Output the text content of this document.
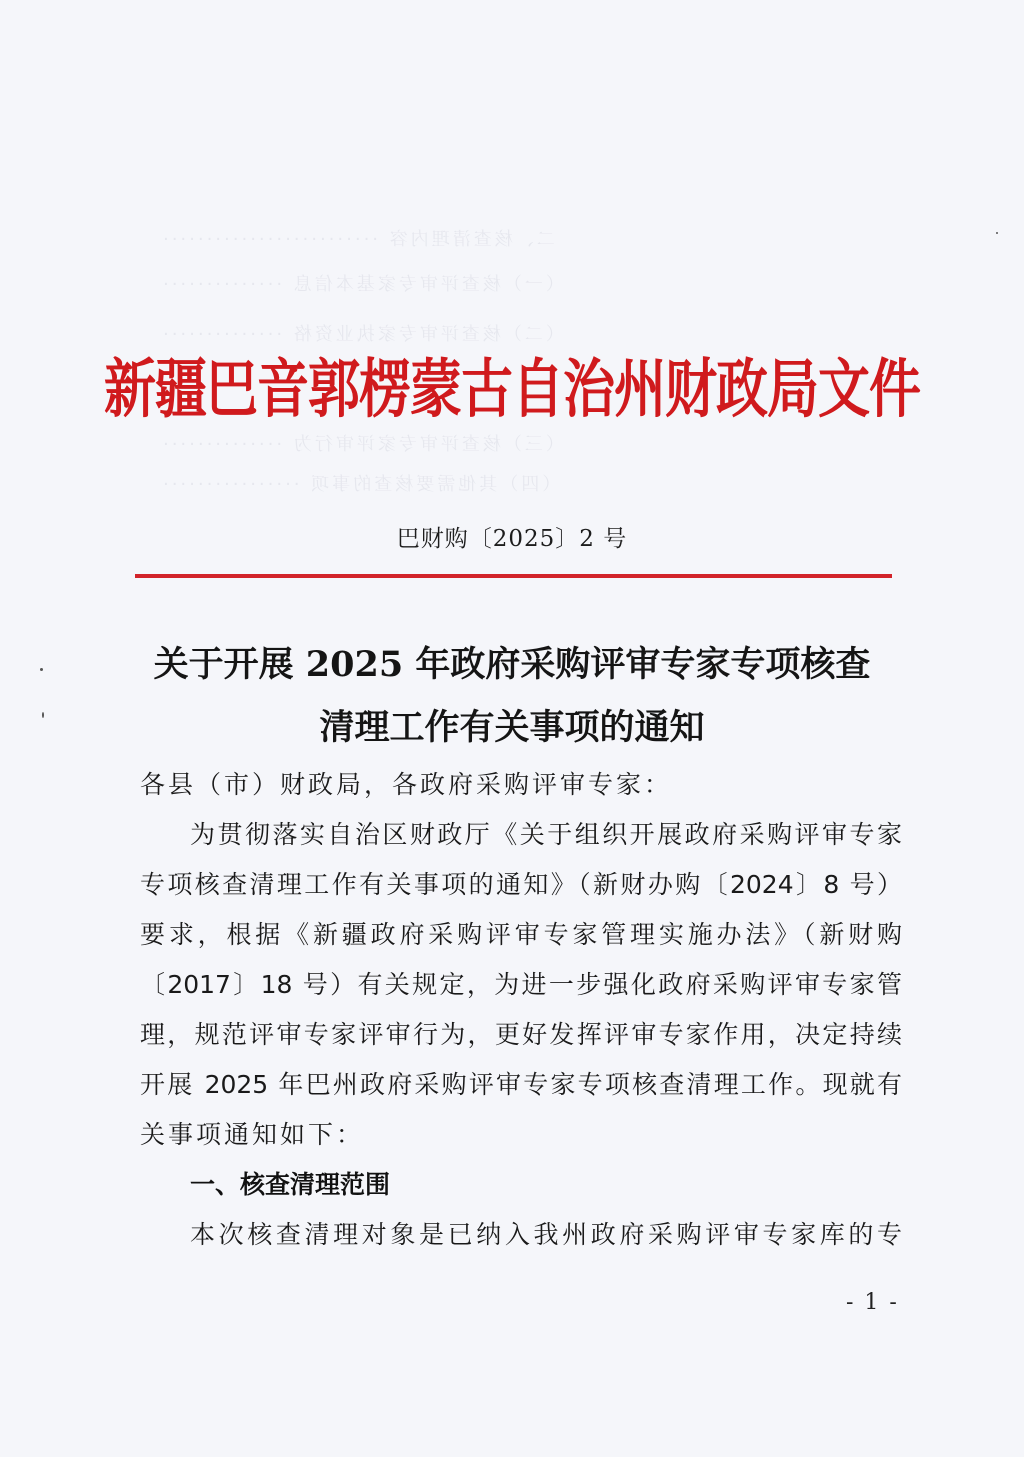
二、核查清理内容 ·························
（一）核查评审专家基本信息 ··············
（二）核查评审专家执业资格 ··············
（三）核查评审专家评审行为 ··············
（四）其他需要核查的事项 ················
新疆巴音郭楞蒙古自治州财政局文件
巴财购〔2025〕2 号
关于开展 2025 年政府采购评审专家专项核查
清理工作有关事项的通知
各县（市）财政局，各政府采购评审专家：
为贯彻落实自治区财政厅《关于组织开展政府采购评审专家
专项核查清理工作有关事项的通知》（新财办购〔2024〕8 号）
要求，根据《新疆政府采购评审专家管理实施办法》（新财购
〔2017〕18 号）有关规定，为进一步强化政府采购评审专家管
理，规范评审专家评审行为，更好发挥评审专家作用，决定持续
开展 2025 年巴州政府采购评审专家专项核查清理工作。现就有
关事项通知如下：
一、核查清理范围
本次核查清理对象是已纳入我州政府采购评审专家库的专
- 1 -
